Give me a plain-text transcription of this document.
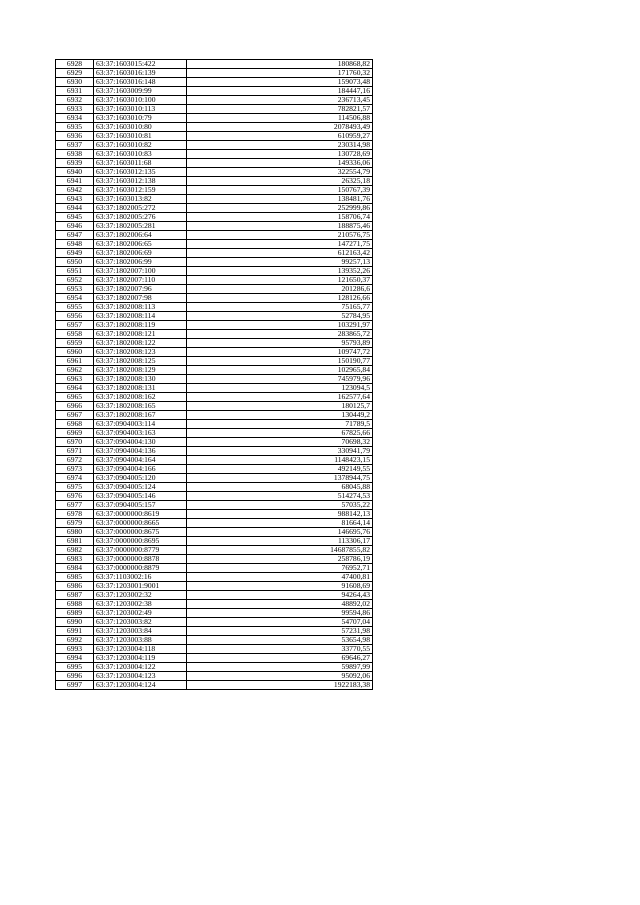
6928	63:37:1603015:422	180868,82
6929	63:37:1603016:139	171760,32
6930	63:37:1603016:148	159073,48
6931	63:37:1603009:99	184447,16
6932	63:37:1603010:100	236713,45
6933	63:37:1603010:113	782821,57
6934	63:37:1603010:79	114506,88
6935	63:37:1603010:80	2078493,49
6936	63:37:1603010:81	610959,27
6937	63:37:1603010:82	230314,98
6938	63:37:1603010:83	130728,69
6939	63:37:1603011:68	149336,06
6940	63:37:1603012:135	322554,79
6941	63:37:1603012:138	26325,18
6942	63:37:1603012:159	150767,39
6943	63:37:1603013:82	138481,76
6944	63:37:1802005:272	252999,86
6945	63:37:1802005:276	158706,74
6946	63:37:1802005:281	188875,46
6947	63:37:1802006:64	210576,75
6948	63:37:1802006:65	147271,75
6949	63:37:1802006:69	612163,42
6950	63:37:1802006:99	99257,13
6951	63:37:1802007:100	139352,26
6952	63:37:1802007:110	121650,37
6953	63:37:1802007:96	201286,6
6954	63:37:1802007:98	128126,66
6955	63:37:1802008:113	75165,77
6956	63:37:1802008:114	52784,95
6957	63:37:1802008:119	103291,97
6958	63:37:1802008:121	283865,72
6959	63:37:1802008:122	95793,89
6960	63:37:1802008:123	109747,72
6961	63:37:1802008:125	150190,77
6962	63:37:1802008:129	102965,84
6963	63:37:1802008:130	745979,96
6964	63:37:1802008:131	123094,5
6965	63:37:1802008:162	162577,64
6966	63:37:1802008:165	180125,7
6967	63:37:1802008:167	130449,2
6968	63:37:0904003:114	71789,5
6969	63:37:0904003:163	67825,66
6970	63:37:0904004:130	70698,32
6971	63:37:0904004:136	330941,79
6972	63:37:0904004:164	1148423,15
6973	63:37:0904004:166	492149,55
6974	63:37:0904005:120	1378944,75
6975	63:37:0904005:124	68045,88
6976	63:37:0904005:146	514274,53
6977	63:37:0904005:157	57035,22
6978	63:37:0000000:8619	988142,13
6979	63:37:0000000:8665	81664,14
6980	63:37:0000000:8675	146695,76
6981	63:37:0000000:8695	113306,17
6982	63:37:0000000:8779	14687855,82
6983	63:37:0000000:8878	258786,19
6984	63:37:0000000:8879	76952,71
6985	63:37:1103002:16	47400,81
6986	63:37:1203001:9001	91608,69
6987	63:37:1203002:32	94264,43
6988	63:37:1203002:38	48892,02
6989	63:37:1203002:49	99594,86
6990	63:37:1203003:82	54707,04
6991	63:37:1203003:84	57231,98
6992	63:37:1203003:88	53654,98
6993	63:37:1203004:118	33770,55
6994	63:37:1203004:119	69646,27
6995	63:37:1203004:122	59897,99
6996	63:37:1203004:123	95092,06
6997	63:37:1203004:124	1922183,38
